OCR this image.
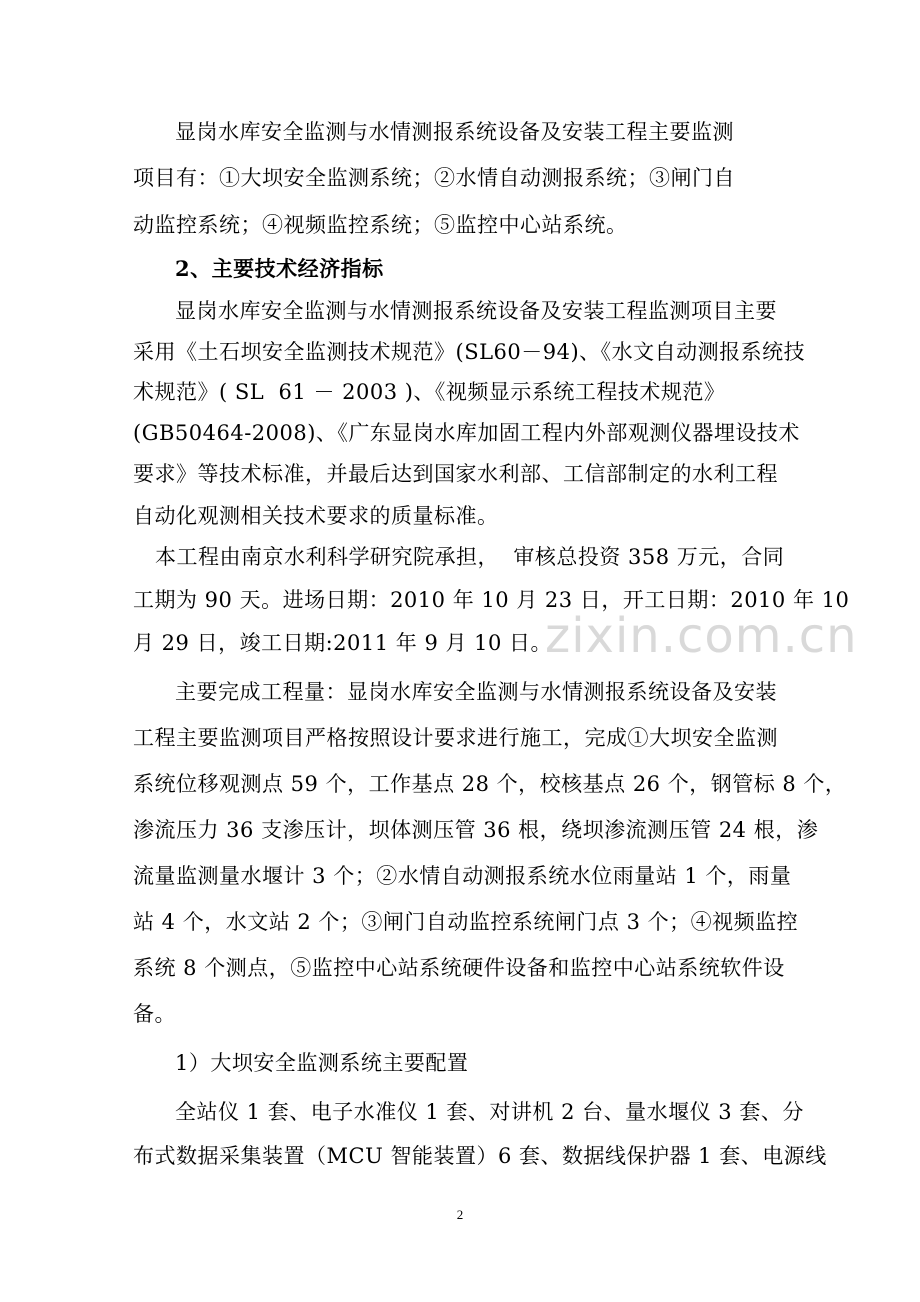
显岗水库安全监测与水情测报系统设备及安装工程主要监测
项目有：①大坝安全监测系统；②水情自动测报系统；③闸门自
动监控系统；④视频监控系统；⑤监控中心站系统。
2、主要技术经济指标
显岗水库安全监测与水情测报系统设备及安装工程监测项目主要
采用《土石坝安全监测技术规范》(SL60－94)、《水文自动测报系统技
术规范》( SL  61 － 2003 )、《视频显示系统工程技术规范》
(GB50464-2008)、《广东显岗水库加固工程内外部观测仪器埋设技术
要求》等技术标准，并最后达到国家水利部、工信部制定的水利工程
自动化观测相关技术要求的质量标准。
本工程由南京水利科学研究院承担，  审核总投资 358 万元，合同
工期为 90 天。进场日期：2010 年 10 月 23 日，开工日期：2010 年 10
月 29 日，竣工日期:2011 年 9 月 10 日。
zixin.com.cn
主要完成工程量：显岗水库安全监测与水情测报系统设备及安装
工程主要监测项目严格按照设计要求进行施工，完成①大坝安全监测
系统位移观测点 59 个，工作基点 28 个，校核基点 26 个，钢管标 8 个，
渗流压力 36 支渗压计，坝体测压管 36 根，绕坝渗流测压管 24 根，渗
流量监测量水堰计 3 个；②水情自动测报系统水位雨量站 1 个，雨量
站 4 个，水文站 2 个；③闸门自动监控系统闸门点 3 个；④视频监控
系统 8 个测点，⑤监控中心站系统硬件设备和监控中心站系统软件设
备。
1）大坝安全监测系统主要配置
全站仪 1 套、电子水准仪 1 套、对讲机 2 台、量水堰仪 3 套、分
布式数据采集装置（MCU 智能装置）6 套、数据线保护器 1 套、电源线
2
